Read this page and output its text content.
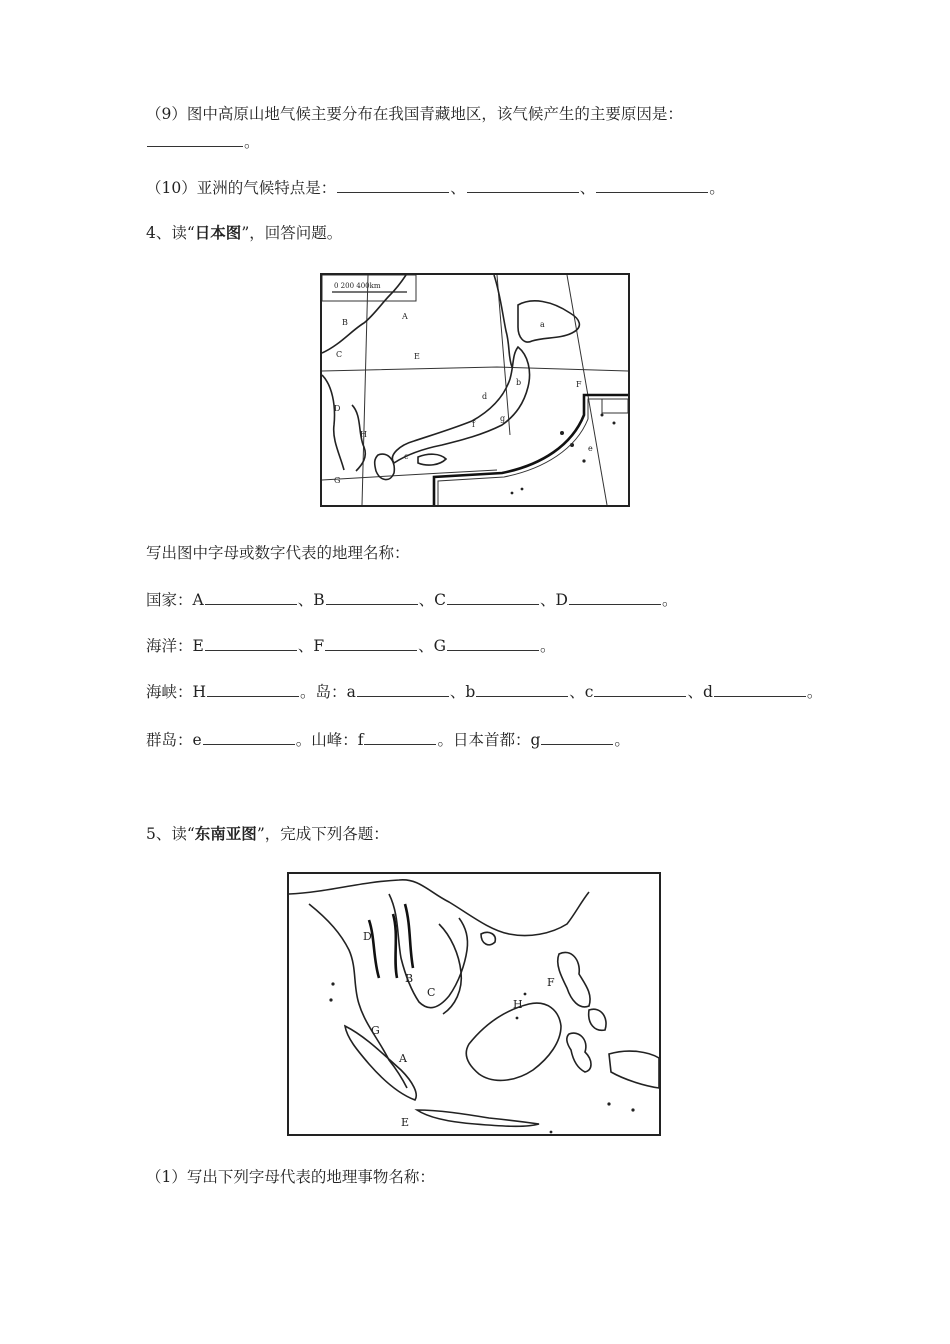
（9）图中高原山地气候主要分布在我国青藏地区，该气候产生的主要原因是：
。
（10）亚洲的气候特点是：	、	、	。
4、读“日本图”，回答问题。
0 200 400km
A
B
C
D
E
F
G
H
a
b
c
d
e
f
g
写出图中字母或数字代表的地理名称：
国家：A	、B	、C	、D	。
海洋：E	、F	、G	。
海峡：H	。岛：a	、b	、c	、d	。
群岛：e	。山峰：f	。日本首都：g	。
5、读“东南亚图”，完成下列各题：
A
B
C
D
E
F
G
H
（1）写出下列字母代表的地理事物名称：
